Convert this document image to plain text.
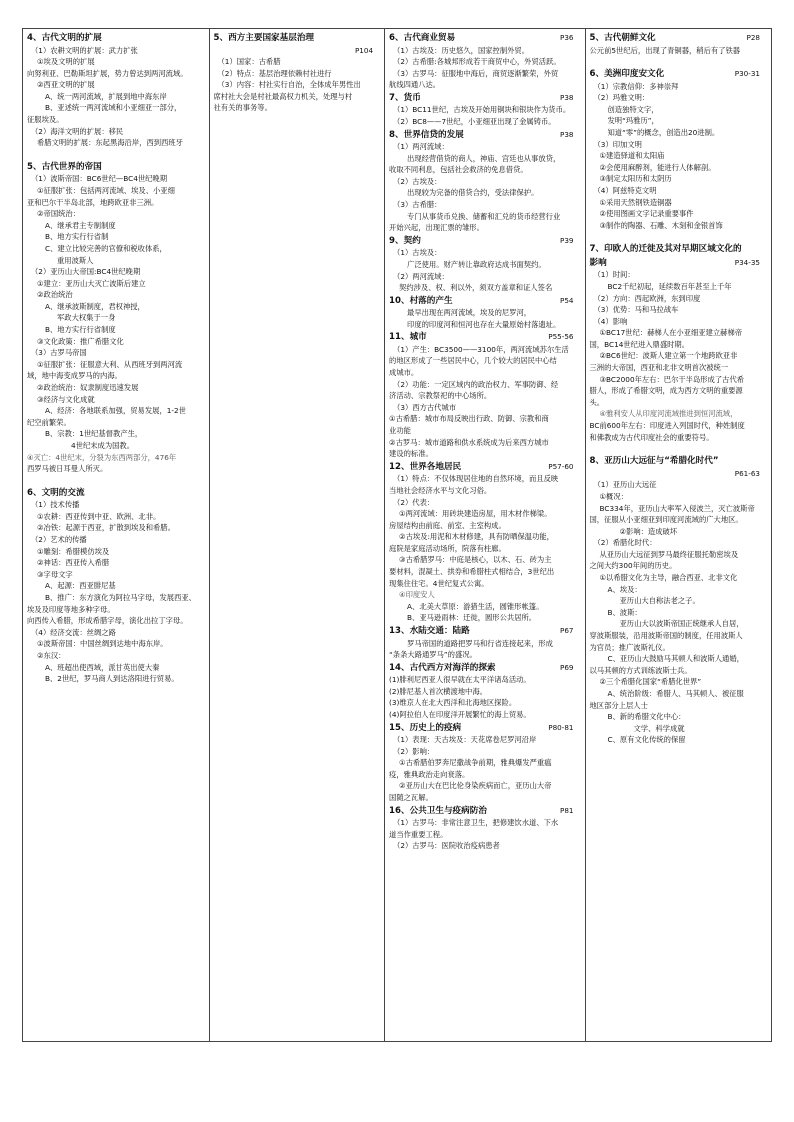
4、古代文明的扩展
（1）农耕文明的扩展：武力扩张
①埃及文明的扩展
向努利亚、巴勒斯坦扩展，势力曾达到两河流域。
②西亚文明的扩展
A、统一两河流域，扩展到地中海东岸
B、亚述统一两河流域和小亚细亚一部分，
征服埃及。
（2）海洋文明的扩展：移民
希腊文明的扩展：东起黑海沿岸，西到西班牙
5、古代世界的帝国
（1）波斯帝国：BC6世纪—BC4世纪晚期
①征服扩张：包括两河流域、埃及、小亚细
亚和巴尔干半岛北部，地跨欧亚非三洲。
②帝国统治：
A、继承君主专制制度
B、地方实行行省制
C、建立比较完善的官僚和税收体系，
重用波斯人
（2）亚历山大帝国:BC4世纪晚期
①建立：亚历山大灭亡波斯后建立
②政治统治
A、继承波斯制度，君权神授，
军政大权集于一身
B、地方实行行省制度
③文化政策：推广希腊文化
（3）古罗马帝国
①征服扩张：征服意大利、从西班牙到两河流
域，地中海变成罗马的内海。
②政治统治：奴隶制度迅速发展
③经济与文化成就
A、经济：各地联系加强，贸易发展，1-2世
纪空前繁荣。
B、宗教：1世纪基督教产生，
4世纪末成为国教。
④灭亡：4世纪末，分裂为东西两部分，476年
西罗马被日耳曼人所灭。
6、文明的交流
（1）技术传播
①农耕：西亚传到中亚、欧洲、北非。
②冶铁：起源于西亚，扩散到埃及和希腊。
（2）艺术的传播
①雕刻：希腊模仿埃及
②神话：西亚传入希腊
③字母文字
A、起源：西亚腓尼基
B、推广：东方演化为阿拉马字母，发展西亚、
埃及及印度等地多种字母。
向西传入希腊，形成希腊字母，演化出拉丁字母。
（4）经济交流：丝绸之路
①波斯帝国：中国丝绸到达地中海东岸。
②东汉：
A、班超出使西域，派甘英出使大秦
B、2世纪，罗马商人到达洛阳进行贸易。
5、西方主要国家基层治理
P104
（1）国家：古希腊
（2）特点：基层治理依赖村社进行
（3）内容：村社实行自治，全体成年男性出
席村社大会是村社最高权力机关，处理与村
社有关的事务等。
6、古代商业贸易	P36
（1）古埃及：历史悠久，国家控制外贸。
（2）古希腊:各城邦形成若干商贸中心，外贸活跃。
（3）古罗马：征服地中海后，商贸逐渐繁荣，外贸
航线四通八达。
7、货币	P38
（1）BC11世纪，古埃及开始用铜块和银块作为货币。
（2）BC8——7世纪，小亚细亚出现了金属铸币。
8、世界信贷的发展	P38
（1）两河流域：
出现经营借贷的商人，神庙、宫廷也从事放贷，
收取不同利息，包括社会救济的免息借贷。
（2）古埃及：
出现较为完备的借贷合约，受法律保护。
（3）古希腊：
专门从事货币兑换、储蓄和汇兑的货币经营行业
开始兴起，出现汇票的雏形。
9、契约	P39
（1）古埃及：
广泛使用。财产转让靠政府达成书面契约。
（2）两河流域：
契约涉及、权、利以外，须双方盖章和证人签名
10、村落的产生	P54
最早出现在两河流域，埃及的尼罗河，
印度的印度河和恒河也存在大量原始村落遗址。
11、城市	P55-56
（1）产生：BC3500——3100年，两河流域苏尔生活
的地区形成了一些居民中心，几个较大的居民中心结
成城市。
（2）功能：一定区域内的政治权力、军事防御、经
济活动、宗教祭祀的中心场所。
（3）西方古代城市
①古希腊：城市布局反映出行政、防御、宗教和商
业功能
②古罗马：城市道路和供水系统成为后来西方城市
建设的标准。
12、世界各地居民	P57-60
（1）特点：不仅体现居住地的自然环境，而且反映
当地社会经济水平与文化习俗。
（2）代表：
①两河流域：用砖块建造房屋，用木材作梯梁。
房屋结构由前庭、前室、主室构成。
②古埃及:用泥和木材修建，具有防晒保温功能，
庭院是家庭活动场所，院落有柱廊。
③古希腊罗马：中庭是核心，以木、石、砖为主
要材料，混凝土、拱券和希腊柱式相结合，3世纪出
现集住住宅。4世纪复式公寓。
④印度安人
A、北美大草原：游猎生活，圆锥形帐篷。
B、亚马逊雨林：迁徙，圆形公共居所。
13、水陆交通：陆路	P67
罗马帝国的道路把罗马和行省连接起来，形成
“条条大路通罗马”的盛况。
14、古代西方对海洋的探索	P69
(1)腓利尼西亚人很早就在太平洋诸岛活动。
(2)腓尼基人首次横渡地中海。
(3)维京人在北大西洋和北海地区探险。
(4)阿拉伯人在印度洋开展繁忙的海上贸易。
15、历史上的疫病	P80-81
（1）表现：天古埃及：天花席卷尼罗河沿岸
（2）影响：
①古希腊伯罗奔尼撒战争前期，雅典爆发严重瘟
疫，雅典政治走向衰落。
②亚历山大在巴比伦身染疾病而亡，亚历山大帝
国随之瓦解。
16、公共卫生与疫病防治	P81
（1）古罗马：非常注意卫生，把修建饮水道、下水
道当作重要工程。
（2）古罗马：医院收治疫病患者
5、古代朝鲜文化	P28
公元前5世纪后，出现了青铜器，稍后有了铁器
6、美洲印度安文化	P30-31
（1）宗教信仰：多神崇拜
（2）玛雅文明：
创造独特文字，
发明“玛雅历”，
知道“零”的概念，创造出20进制。
（3）印加文明
①建造驿道和太阳庙
②会使用麻醉剂，能进行人体解剖。
③制定太阳历和太阴历
（4）阿兹特克文明
①采用天然钢铁造铜器
②使用图画文字记录重要事件
③制作的陶器、石雕、木刻和金银首饰
7、印欧人的迁徙及其对早期区域文化的
影响	P34-35
（1）时间：
BC2千纪初起，延续数百年甚至上千年
（2）方向：西起欧洲，东到印度
（3）优势：马和马拉战车
（4）影响
①BC17世纪：赫梯人在小亚细亚建立赫梯帝
国，BC14世纪进入鼎盛时期。
②BC6世纪：波斯人建立第一个地跨欧亚非
三洲的大帝国，西亚和北非文明首次被统一
③BC2000年左右：巴尔干半岛形成了古代希
腊人，形成了希腊文明，成为西方文明的重要源
头。
④雅利安人从印度河流域推进到恒河流域，
BC前600年左右：印度进入列国时代，种姓制度
和佛教成为古代印度社会的重要符号。
8、亚历山大远征与“希腊化时代”
P61-63
（1）亚历山大远征
①概况：
BC334年，亚历山大率军入侵波兰，灭亡波斯帝
国，征服从小亚细亚到印度河流域的广大地区。
②影响：造成破坏
（2）希腊化时代：
从亚历山大远征到罗马最终征服托勒密埃及
之间大约300年间的历史。
①以希腊文化为主导，融合西亚、北非文化
A、埃及：
亚历山大自称法老之子。
B、波斯：
亚历山大以波斯帝国正统继承人自居，
穿波斯服装，沿用波斯帝国的制度，任用波斯人
为官员；推广波斯礼仪。
C、亚历山大鼓励马其顿人和波斯人通婚，
以马其顿的方式训练波斯士兵。
②三个希腊化国家“希腊化世界”
A、统治阶级：希腊人、马其顿人、被征服
地区部分上层人士
B、新的希腊文化中心：
文学、科学成就
C、原有文化传统的保留
